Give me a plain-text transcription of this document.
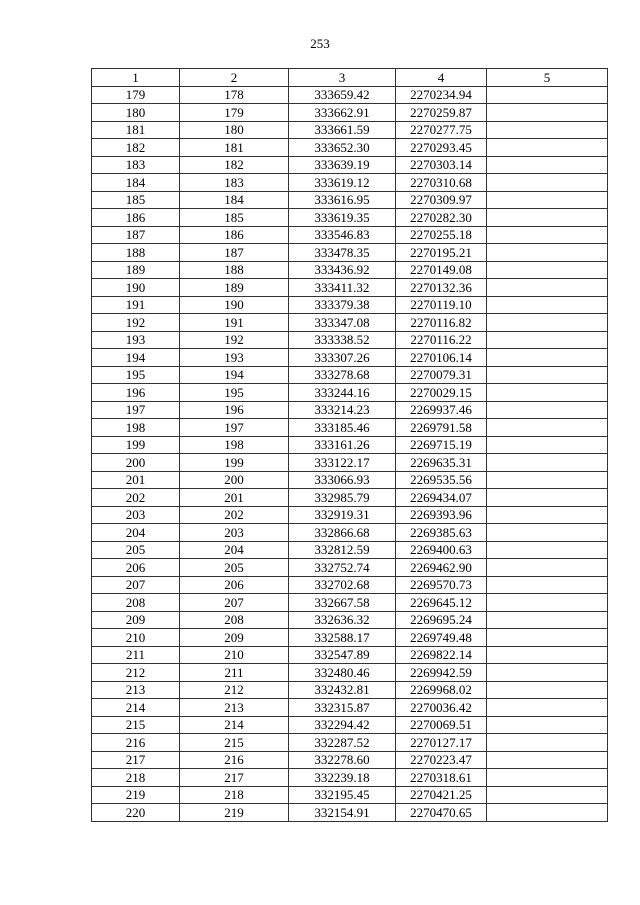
253
1	2	3	4	5
179	178	333659.42	2270234.94	
180	179	333662.91	2270259.87	
181	180	333661.59	2270277.75	
182	181	333652.30	2270293.45	
183	182	333639.19	2270303.14	
184	183	333619.12	2270310.68	
185	184	333616.95	2270309.97	
186	185	333619.35	2270282.30	
187	186	333546.83	2270255.18	
188	187	333478.35	2270195.21	
189	188	333436.92	2270149.08	
190	189	333411.32	2270132.36	
191	190	333379.38	2270119.10	
192	191	333347.08	2270116.82	
193	192	333338.52	2270116.22	
194	193	333307.26	2270106.14	
195	194	333278.68	2270079.31	
196	195	333244.16	2270029.15	
197	196	333214.23	2269937.46	
198	197	333185.46	2269791.58	
199	198	333161.26	2269715.19	
200	199	333122.17	2269635.31	
201	200	333066.93	2269535.56	
202	201	332985.79	2269434.07	
203	202	332919.31	2269393.96	
204	203	332866.68	2269385.63	
205	204	332812.59	2269400.63	
206	205	332752.74	2269462.90	
207	206	332702.68	2269570.73	
208	207	332667.58	2269645.12	
209	208	332636.32	2269695.24	
210	209	332588.17	2269749.48	
211	210	332547.89	2269822.14	
212	211	332480.46	2269942.59	
213	212	332432.81	2269968.02	
214	213	332315.87	2270036.42	
215	214	332294.42	2270069.51	
216	215	332287.52	2270127.17	
217	216	332278.60	2270223.47	
218	217	332239.18	2270318.61	
219	218	332195.45	2270421.25	
220	219	332154.91	2270470.65	
